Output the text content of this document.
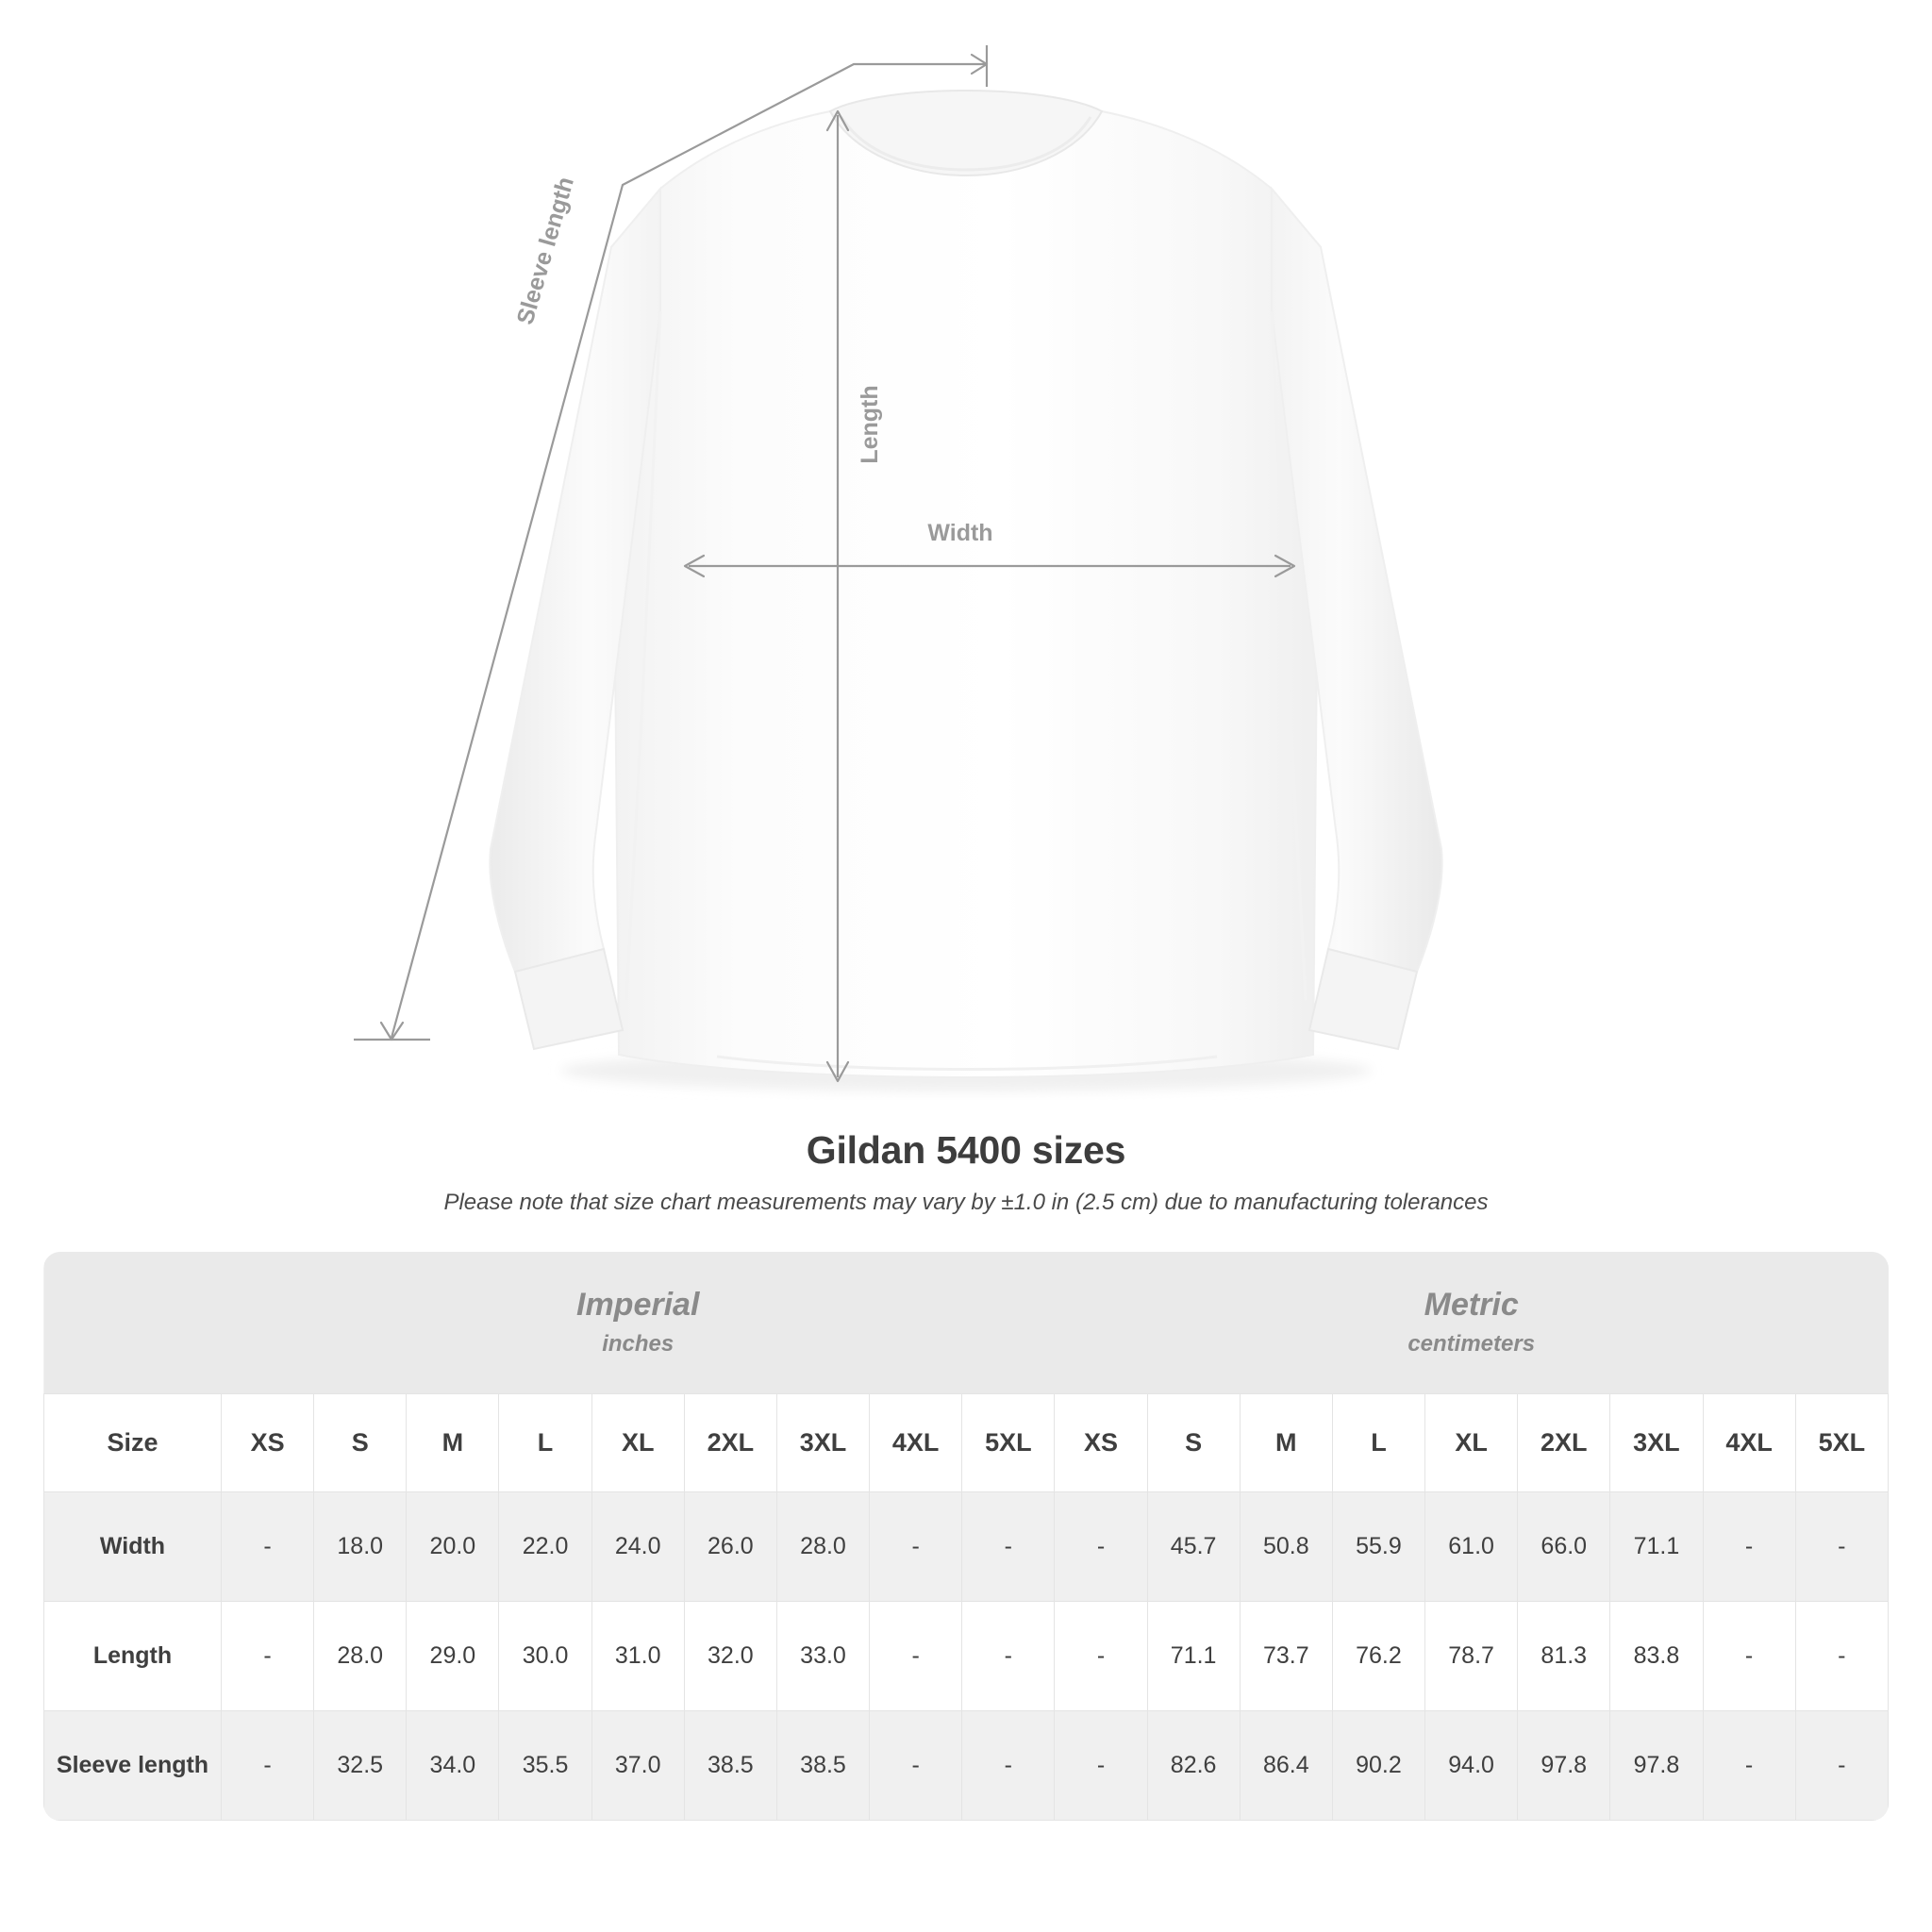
Sleeve length
Length
Width
Gildan 5400 sizes
Please note that size chart measurements may vary by ±1.0 in (2.5 cm) due to manufacturing tolerances

Imperial
inches

Metric
centimeters

Size	XS	S	M	L	XL	2XL	3XL	4XL	5XL	XS	S	M	L	XL	2XL	3XL	4XL	5XL
Width	-	18.0	20.0	22.0	24.0	26.0	28.0	-	-	-	45.7	50.8	55.9	61.0	66.0	71.1	-	-
Length	-	28.0	29.0	30.0	31.0	32.0	33.0	-	-	-	71.1	73.7	76.2	78.7	81.3	83.8	-	-
Sleeve length	-	32.5	34.0	35.5	37.0	38.5	38.5	-	-	-	82.6	86.4	90.2	94.0	97.8	97.8	-	-
